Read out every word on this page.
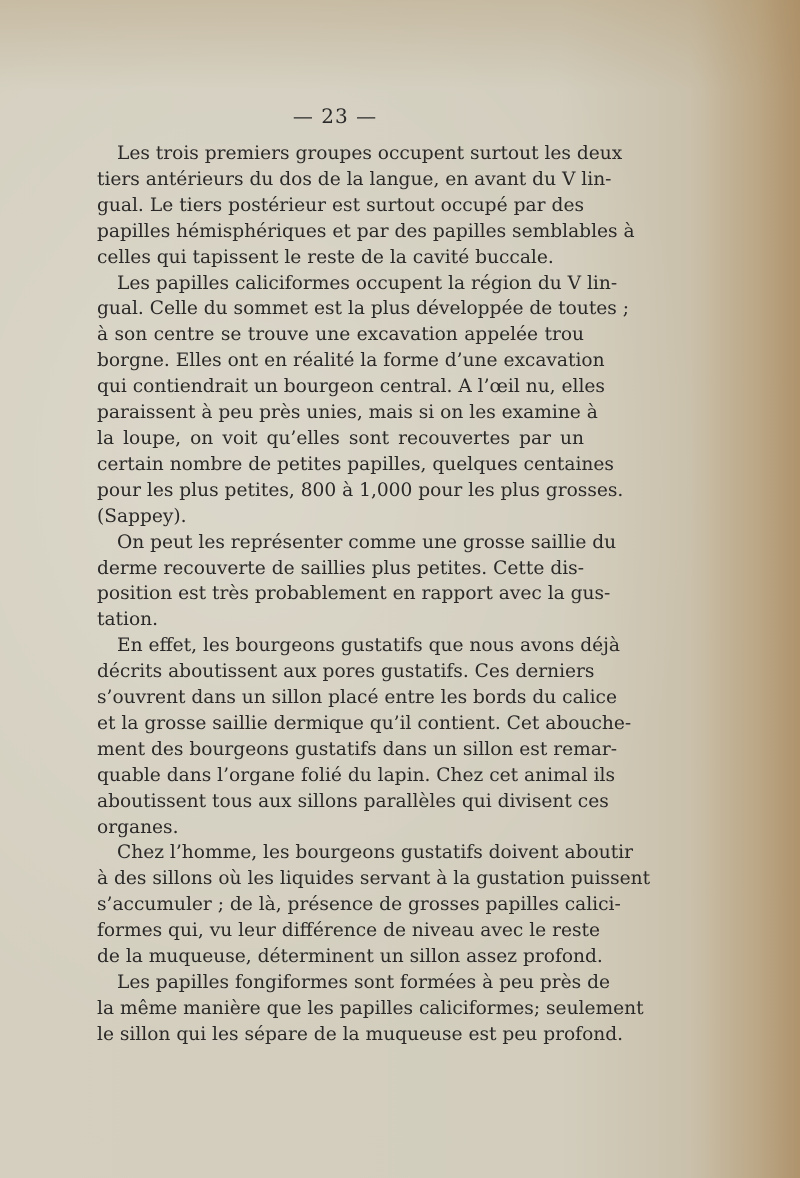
— 23 —
Les trois premiers groupes occupent surtout les deux
tiers antérieurs du dos de la langue, en avant du V lin-
gual. Le tiers postérieur est surtout occupé par des
papilles hémisphériques et par des papilles semblables à
celles qui tapissent le reste de la cavité buccale.
Les papilles caliciformes occupent la région du V lin-
gual. Celle du sommet est la plus développée de toutes ;
à son centre se trouve une excavation appelée trou
borgne. Elles ont en réalité la forme d’une excavation
qui contiendrait un bourgeon central. A l’œil nu, elles
paraissent à peu près unies, mais si on les examine à
la loupe, on voit qu’elles sont recouvertes par un
certain nombre de petites papilles, quelques centaines
pour les plus petites, 800 à 1,000 pour les plus grosses.
(Sappey).
On peut les représenter comme une grosse saillie du
derme recouverte de saillies plus petites. Cette dis-
position est très probablement en rapport avec la gus-
tation.
En effet, les bourgeons gustatifs que nous avons déjà
décrits aboutissent aux pores gustatifs. Ces derniers
s’ouvrent dans un sillon placé entre les bords du calice
et la grosse saillie dermique qu’il contient. Cet abouche-
ment des bourgeons gustatifs dans un sillon est remar-
quable dans l’organe folié du lapin. Chez cet animal ils
aboutissent tous aux sillons parallèles qui divisent ces
organes.
Chez l’homme, les bourgeons gustatifs doivent aboutir
à des sillons où les liquides servant à la gustation puissent
s’accumuler ; de là, présence de grosses papilles calici-
formes qui, vu leur différence de niveau avec le reste
de la muqueuse, déterminent un sillon assez profond.
Les papilles fongiformes sont formées à peu près de
la même manière que les papilles caliciformes; seulement
le sillon qui les sépare de la muqueuse est peu profond.
